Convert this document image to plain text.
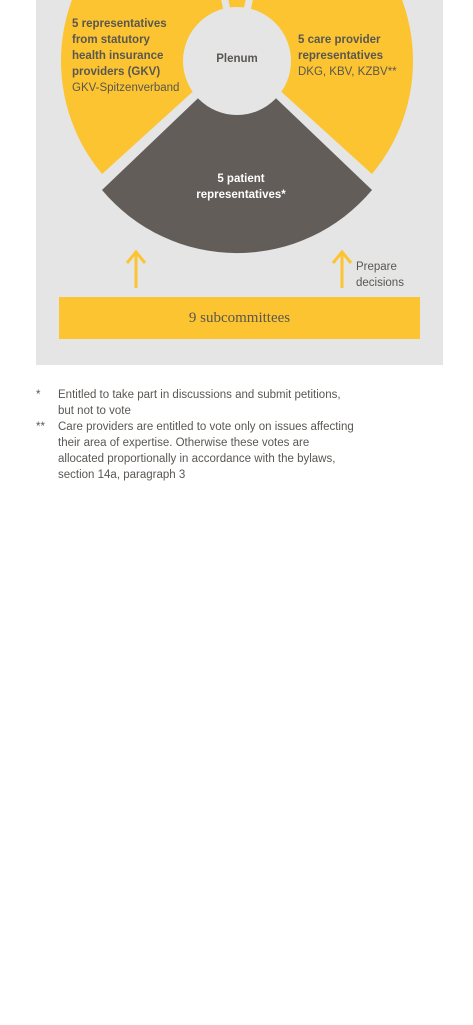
5 representatives
from statutory
health insurance
providers (GKV)
GKV-Spitzenverband
Plenum
5 care provider
representatives
DKG, KBV, KZBV**
5 patient
representatives*
Prepare
decisions
9 subcommittees
*	Entitled to take part in discussions and submit petitions, but not to vote
**	Care providers are entitled to vote only on issues affecting their area of expertise. Otherwise these votes are allocated proportionally in accordance with the bylaws, section 14a, paragraph 3
